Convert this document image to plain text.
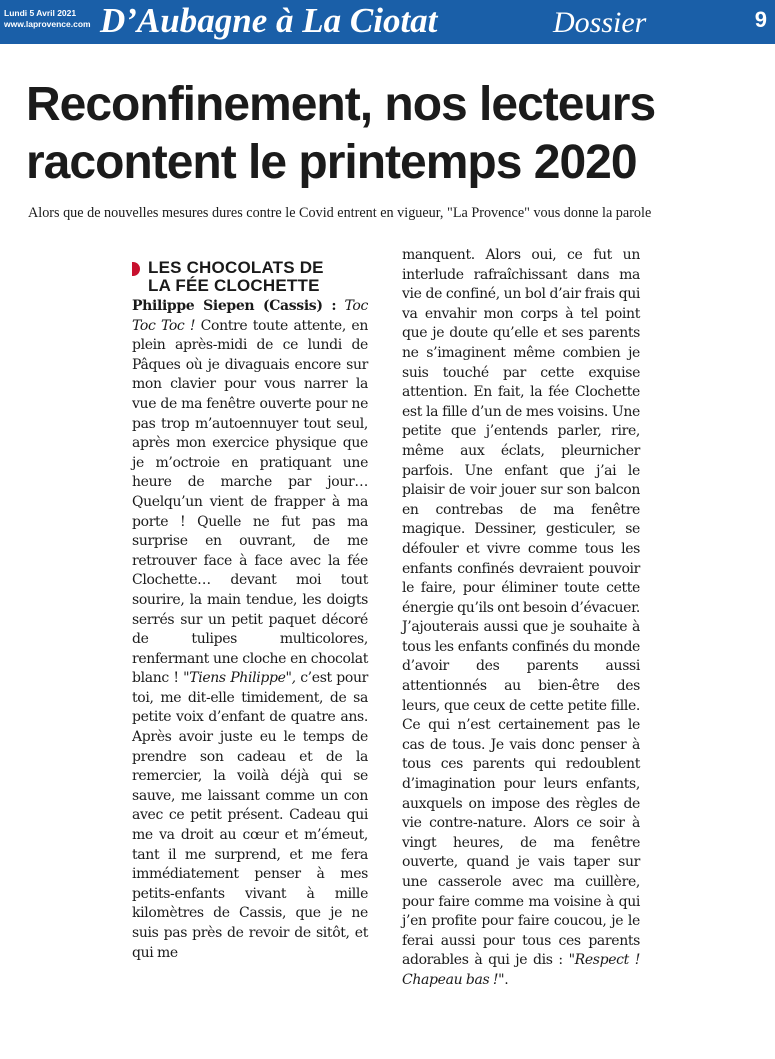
Lundi 5 Avril 2021
www.laprovence.com D’Aubagne à La Ciotat	Dossier	9
Reconfinement, nos lecteurs
racontent le printemps 2020
Alors que de nouvelles mesures dures contre le Covid entrent en vigueur, "La Provence" vous donne la parole
LES CHOCOLATS DE
LA FÉE CLOCHETTE
Philippe Siepen (Cassis) : Toc Toc Toc ! Contre toute attente, en plein après-midi de ce lundi de Pâques où je divaguais encore sur mon clavier pour vous narrer la vue de ma fenêtre ouverte pour ne pas trop m’autoennuyer tout seul, après mon exercice physique que je m’octroie en pratiquant une heure de marche par jour… Quelqu’un vient de frapper à ma porte ! Quelle ne fut pas ma surprise en ouvrant, de me retrouver face à face avec la fée Clochette… devant moi tout sourire, la main tendue, les doigts serrés sur un petit paquet décoré de tulipes multicolores, renfermant une cloche en chocolat blanc ! "Tiens Philippe", c’est pour toi, me dit-elle timidement, de sa petite voix d’enfant de quatre ans. Après avoir juste eu le temps de prendre son cadeau et de la remercier, la voilà déjà qui se sauve, me laissant comme un con avec ce petit présent. Cadeau qui me va droit au cœur et m’émeut, tant il me surprend, et me fera immédiatement penser à mes petits-enfants vivant à mille kilomètres de Cassis, que je ne suis pas près de revoir de sitôt, et qui me
manquent. Alors oui, ce fut un interlude rafraîchissant dans ma vie de confiné, un bol d’air frais qui va envahir mon corps à tel point que je doute qu’elle et ses parents ne s’imaginent même combien je suis touché par cette exquise attention. En fait, la fée Clochette est la fille d’un de mes voisins. Une petite que j’entends parler, rire, même aux éclats, pleurnicher parfois. Une enfant que j’ai le plaisir de voir jouer sur son balcon en contrebas de ma fenêtre magique. Dessiner, gesticuler, se défouler et vivre comme tous les enfants confinés devraient pouvoir le faire, pour éliminer toute cette énergie qu’ils ont besoin d’évacuer. J’ajouterais aussi que je souhaite à tous les enfants confinés du monde d’avoir des parents aussi attentionnés au bien-être des leurs, que ceux de cette petite fille. Ce qui n’est certainement pas le cas de tous. Je vais donc penser à tous ces parents qui redoublent d’imagination pour leurs enfants, auxquels on impose des règles de vie contre-nature. Alors ce soir à vingt heures, de ma fenêtre ouverte, quand je vais taper sur une casserole avec ma cuillère, pour faire comme ma voisine à qui j’en profite pour faire coucou, je le ferai aussi pour tous ces parents adorables à qui je dis : "Respect ! Chapeau bas !".
